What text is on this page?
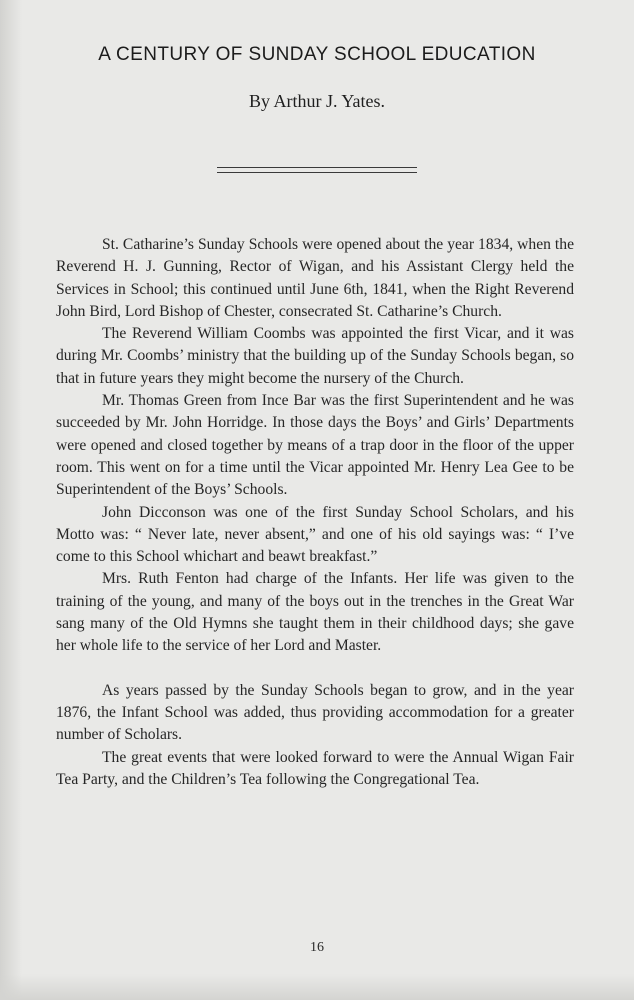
A CENTURY OF SUNDAY SCHOOL EDUCATION

By Arthur J. Yates.

St. Catharine’s Sunday Schools were opened about the year 1834, when the Reverend H. J. Gunning, Rector of Wigan, and his Assistant Clergy held the Services in School; this continued until June 6th, 1841, when the Right Reverend John Bird, Lord Bishop of Chester, consecrated St. Catharine’s Church.

The Reverend William Coombs was appointed the first Vicar, and it was during Mr. Coombs’ ministry that the building up of the Sunday Schools began, so that in future years they might become the nursery of the Church.

Mr. Thomas Green from Ince Bar was the first Superintendent and he was succeeded by Mr. John Horridge. In those days the Boys’ and Girls’ Departments were opened and closed together by means of a trap door in the floor of the upper room. This went on for a time until the Vicar appointed Mr. Henry Lea Gee to be Superintendent of the Boys’ Schools.

John Dicconson was one of the first Sunday School Scholars, and his Motto was: “ Never late, never absent,” and one of his old sayings was: “ I’ve come to this School whichart and beawt breakfast.”

Mrs. Ruth Fenton had charge of the Infants. Her life was given to the training of the young, and many of the boys out in the trenches in the Great War sang many of the Old Hymns she taught them in their childhood days; she gave her whole life to the service of her Lord and Master.

As years passed by the Sunday Schools began to grow, and in the year 1876, the Infant School was added, thus providing accommodation for a greater number of Scholars.

The great events that were looked forward to were the Annual Wigan Fair Tea Party, and the Children’s Tea following the Congregational Tea.

16
